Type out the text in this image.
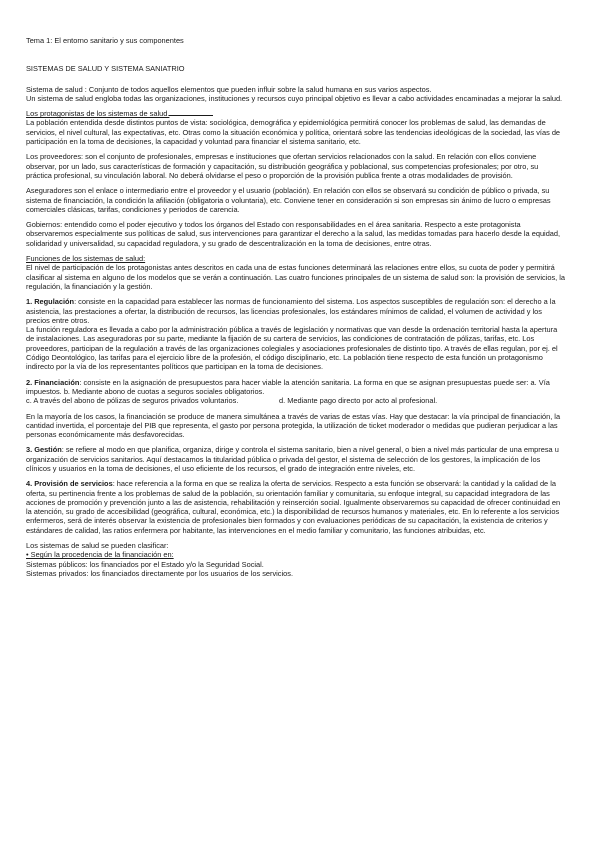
Tema 1: El entorno sanitario y sus componentes

SISTEMAS DE SALUD Y SISTEMA SANIATRIO

Sistema de salud : Conjunto de todos aquellos elementos que pueden influir sobre la salud humana en sus varios aspectos.

Un sistema de salud engloba todas las organizaciones, instituciones y recursos cuyo principal objetivo es llevar a cabo actividades encaminadas a mejorar la salud.

Los protagonistas de los sistemas de salud.

La población entendida desde distintos puntos de vista: sociológica, demográfica y epidemiológica permitirá conocer los problemas de salud, las demandas de servicios, el nivel cultural, las expectativas, etc. Otras como la situación económica y política, orientará sobre las tendencias ideológicas de la sociedad, las vías de participación en la toma de decisiones, la capacidad y voluntad para financiar el sistema sanitario, etc.

Los proveedores: son el conjunto de profesionales, empresas e instituciones que ofertan servicios relacionados con la salud. En relación con ellos conviene observar, por un lado, sus características de formación y capacitación, su distribución geográfica y poblacional, sus competencias profesionales; por otro, su práctica profesional, su vinculación laboral. No deberá olvidarse el peso o proporción de la provisión publica frente a otras modalidades de provisión.

Aseguradores son el enlace o intermediario entre el proveedor y el usuario (población). En relación con ellos se observará su condición de público o privada, su sistema de financiación, la condición la afiliación (obligatoria o voluntaria), etc. Conviene tener en consideración si son empresas sin ánimo de lucro o empresas comerciales clásicas, tarifas, condiciones y periodos de carencia.

Gobiernos: entendido como el poder ejecutivo y todos los órganos del Estado con responsabilidades en el área sanitaria. Respecto a este protagonista observaremos especialmente sus políticas de salud, sus intervenciones para garantizar el derecho a la salud, las medidas tomadas para hacerlo desde la equidad, solidaridad y universalidad, su capacidad reguladora, y su grado de descentralización en la toma de decisiones, entre otras.

Funciones de los sistemas de salud:

El nivel de participación de los protagonistas antes descritos en cada una de estas funciones determinará las relaciones entre ellos, su cuota de poder y permitirá clasificar al sistema en alguno de los modelos que se verán a continuación. Las cuatro funciones principales de un sistema de salud son: la provisión de servicios, la regulación, la financiación y la gestión.

1. Regulación: consiste en la capacidad para establecer las normas de funcionamiento del sistema. Los aspectos susceptibles de regulación son: el derecho a la asistencia, las prestaciones a ofertar, la distribución de recursos, las licencias profesionales, los estándares mínimos de calidad, el volumen de actividad y los precios entre otros.

La función reguladora es llevada a cabo por la administración pública a través de legislación y normativas que van desde la ordenación territorial hasta la apertura de instalaciones. Las aseguradoras por su parte, mediante la fijación de su cartera de servicios, las condiciones de contratación de pólizas, tarifas, etc. Los proveedores, participan de la regulación a través de las organizaciones colegiales y asociaciones profesionales de distinto tipo. A través de ellas regulan, por ej. el Código Deontológico, las tarifas para el ejercicio libre de la profesión, el código disciplinario, etc. La población tiene respecto de esta función un protagonismo indirecto por la vía de los representantes políticos que participan en la toma de decisiones.

2. Financiación: consiste en la asignación de presupuestos para hacer viable la atención sanitaria. La forma en que se asignan presupuestas puede ser: a. Vía impuestos. b. Mediante abono de cuotas a seguros sociales obligatorios.

c. A través del abono de pólizas de seguros privados voluntarios.	d. Mediante pago directo por acto al profesional.

En la mayoría de los casos, la financiación se produce de manera simultánea a través de varias de estas vías. Hay que destacar: la vía principal de financiación, la cantidad invertida, el porcentaje del PIB que representa, el gasto por persona protegida, la utilización de ticket moderador o medidas que pudieran perjudicar a las personas económicamente más desfavorecidas.

3. Gestión: se refiere al modo en que planifica, organiza, dirige y controla el sistema sanitario, bien a nivel general, o bien a nivel más particular de una empresa u organización de servicios sanitarios. Aquí destacamos la titularidad pública o privada del gestor, el sistema de selección de los gestores, la implicación de los clínicos y usuarios en la toma de decisiones, el uso eficiente de los recursos, el grado de integración entre niveles, etc.

4. Provisión de servicios: hace referencia a la forma en que se realiza la oferta de servicios. Respecto a esta función se observará: la cantidad y la calidad de la oferta, su pertinencia frente a los problemas de salud de la población, su orientación familiar y comunitaria, su enfoque integral, su capacidad integradora de las acciones de promoción y prevención junto a las de asistencia, rehabilitación y reinserción social. Igualmente observaremos su capacidad de ofrecer continuidad en la atención, su grado de accesibilidad (geográfica, cultural, económica, etc.) la disponibilidad de recursos humanos y materiales, etc. En lo referente a los servicios enfermeros, será de interés observar la existencia de profesionales bien formados y con evaluaciones periódicas de su capacitación, la existencia de criterios y estándares de calidad, las ratios enfermera por habitante, las intervenciones en el medio familiar y comunitario, las funciones atribuidas, etc.

Los sistemas de salud se pueden clasificar:

• Según la procedencia de la financiación en:

Sistemas públicos: los financiados por el Estado y/o la Seguridad Social.

Sistemas privados: los financiados directamente por los usuarios de los servicios.
